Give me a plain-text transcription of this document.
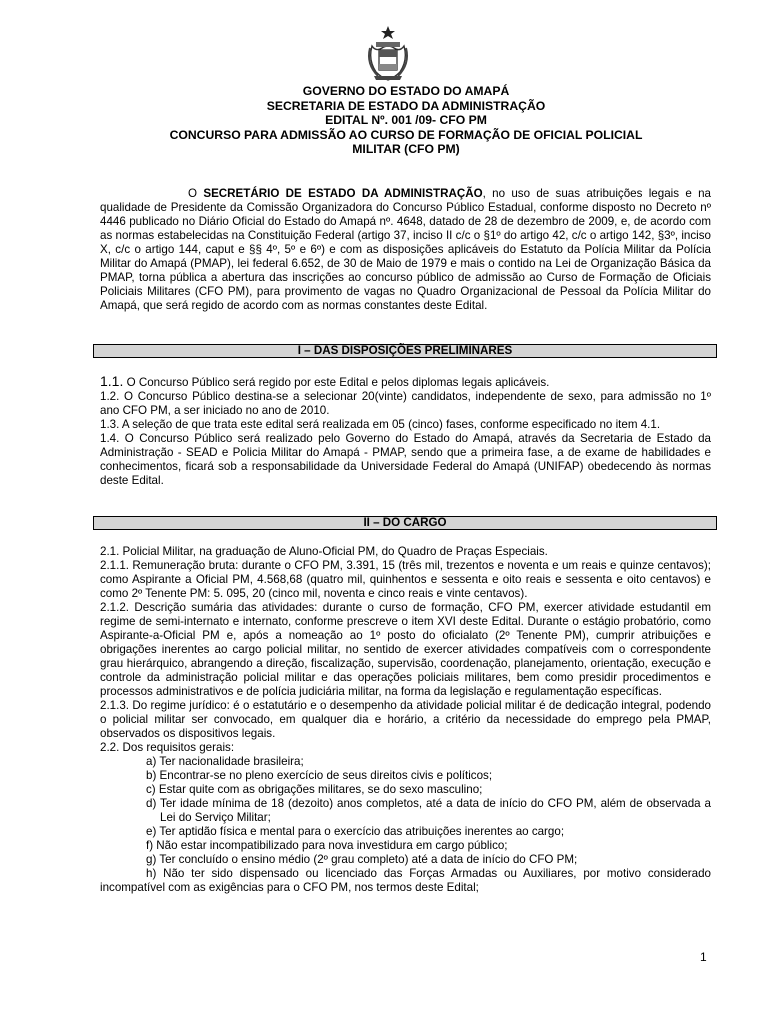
GOVERNO DO ESTADO DO AMAPÁ
SECRETARIA DE ESTADO DA ADMINISTRAÇÃO
EDITAL Nº. 001 /09- CFO PM
CONCURSO PARA ADMISSÃO AO CURSO DE FORMAÇÃO DE OFICIAL POLICIAL
MILITAR (CFO PM)
O SECRETÁRIO DE ESTADO DA ADMINISTRAÇÃO, no uso de suas atribuições legais e na qualidade de Presidente da Comissão Organizadora do Concurso Público Estadual, conforme disposto no Decreto nº 4446 publicado no Diário Oficial do Estado do Amapá nº. 4648, datado de 28 de dezembro de 2009, e, de acordo com as normas estabelecidas na Constituição Federal (artigo 37, inciso II c/c o §1º do artigo 42, c/c o artigo 142, §3º, inciso X, c/c o artigo 144, caput e §§ 4º, 5º e 6º) e com as disposições aplicáveis do Estatuto da Polícia Militar da Polícia Militar do Amapá (PMAP), lei federal 6.652, de 30 de Maio de 1979 e mais o contido na Lei de Organização Básica da PMAP, torna pública a abertura das inscrições ao concurso público de admissão ao Curso de Formação de Oficiais Policiais Militares (CFO PM), para provimento de vagas no Quadro Organizacional de Pessoal da Polícia Militar do Amapá, que será regido de acordo com as normas constantes deste Edital.
I – DAS DISPOSIÇÕES PRELIMINARES

1.1. O Concurso Público será regido por este Edital e pelos diplomas legais aplicáveis.

1.2. O Concurso Público destina-se a selecionar 20(vinte) candidatos, independente de sexo, para admissão no 1º ano CFO PM, a ser iniciado no ano de 2010.

1.3. A seleção de que trata este edital será realizada em 05 (cinco) fases, conforme especificado no item 4.1.

1.4. O Concurso Público será realizado pelo Governo do Estado do Amapá, através da Secretaria de Estado da Administração - SEAD e Policia Militar do Amapá - PMAP, sendo que a primeira fase, a de exame de habilidades e conhecimentos, ficará sob a responsabilidade da Universidade Federal do Amapá (UNIFAP) obedecendo às normas deste Edital.

II – DO CARGO

2.1. Policial Militar, na graduação de Aluno-Oficial PM, do Quadro de Praças Especiais.

2.1.1. Remuneração bruta: durante o CFO PM, 3.391, 15 (três mil, trezentos e noventa e um reais e quinze centavos); como Aspirante a Oficial PM, 4.568,68 (quatro mil, quinhentos e sessenta e oito reais e sessenta e oito centavos) e como 2º Tenente PM: 5. 095, 20 (cinco mil, noventa e cinco reais e vinte centavos).

2.1.2. Descrição sumária das atividades: durante o curso de formação, CFO PM, exercer atividade estudantil em regime de semi-internato e internato, conforme prescreve o item XVI deste Edital. Durante o estágio probatório, como Aspirante-a-Oficial PM e, após a nomeação ao 1º posto do oficialato (2º Tenente PM), cumprir atribuições e obrigações inerentes ao cargo policial militar, no sentido de exercer atividades compatíveis com o correspondente grau hierárquico, abrangendo a direção, fiscalização, supervisão, coordenação, planejamento, orientação, execução e controle da administração policial militar e das operações policiais militares, bem como presidir procedimentos e processos administrativos e de polícia judiciária militar, na forma da legislação e regulamentação específicas.

2.1.3. Do regime jurídico: é o estatutário e o desempenho da atividade policial militar é de dedicação integral, podendo o policial militar ser convocado, em qualquer dia e horário, a critério da necessidade do emprego pela PMAP, observados os dispositivos legais.

2.2. Dos requisitos gerais:

a) Ter nacionalidade brasileira;

b) Encontrar-se no pleno exercício de seus direitos civis e políticos;

c) Estar quite com as obrigações militares, se do sexo masculino;

d) Ter idade mínima de 18 (dezoito) anos completos, até a data de início do CFO PM, além de observada a Lei do Serviço Militar;

e) Ter aptidão física e mental para o exercício das atribuições inerentes ao cargo;

f) Não estar incompatibilizado para nova investidura em cargo público;

g) Ter concluído o ensino médio (2º grau completo) até a data de início do CFO PM;

h) Não ter sido dispensado ou licenciado das Forças Armadas ou Auxiliares, por motivo considerado incompatível com as exigências para o CFO PM, nos termos deste Edital;

1
